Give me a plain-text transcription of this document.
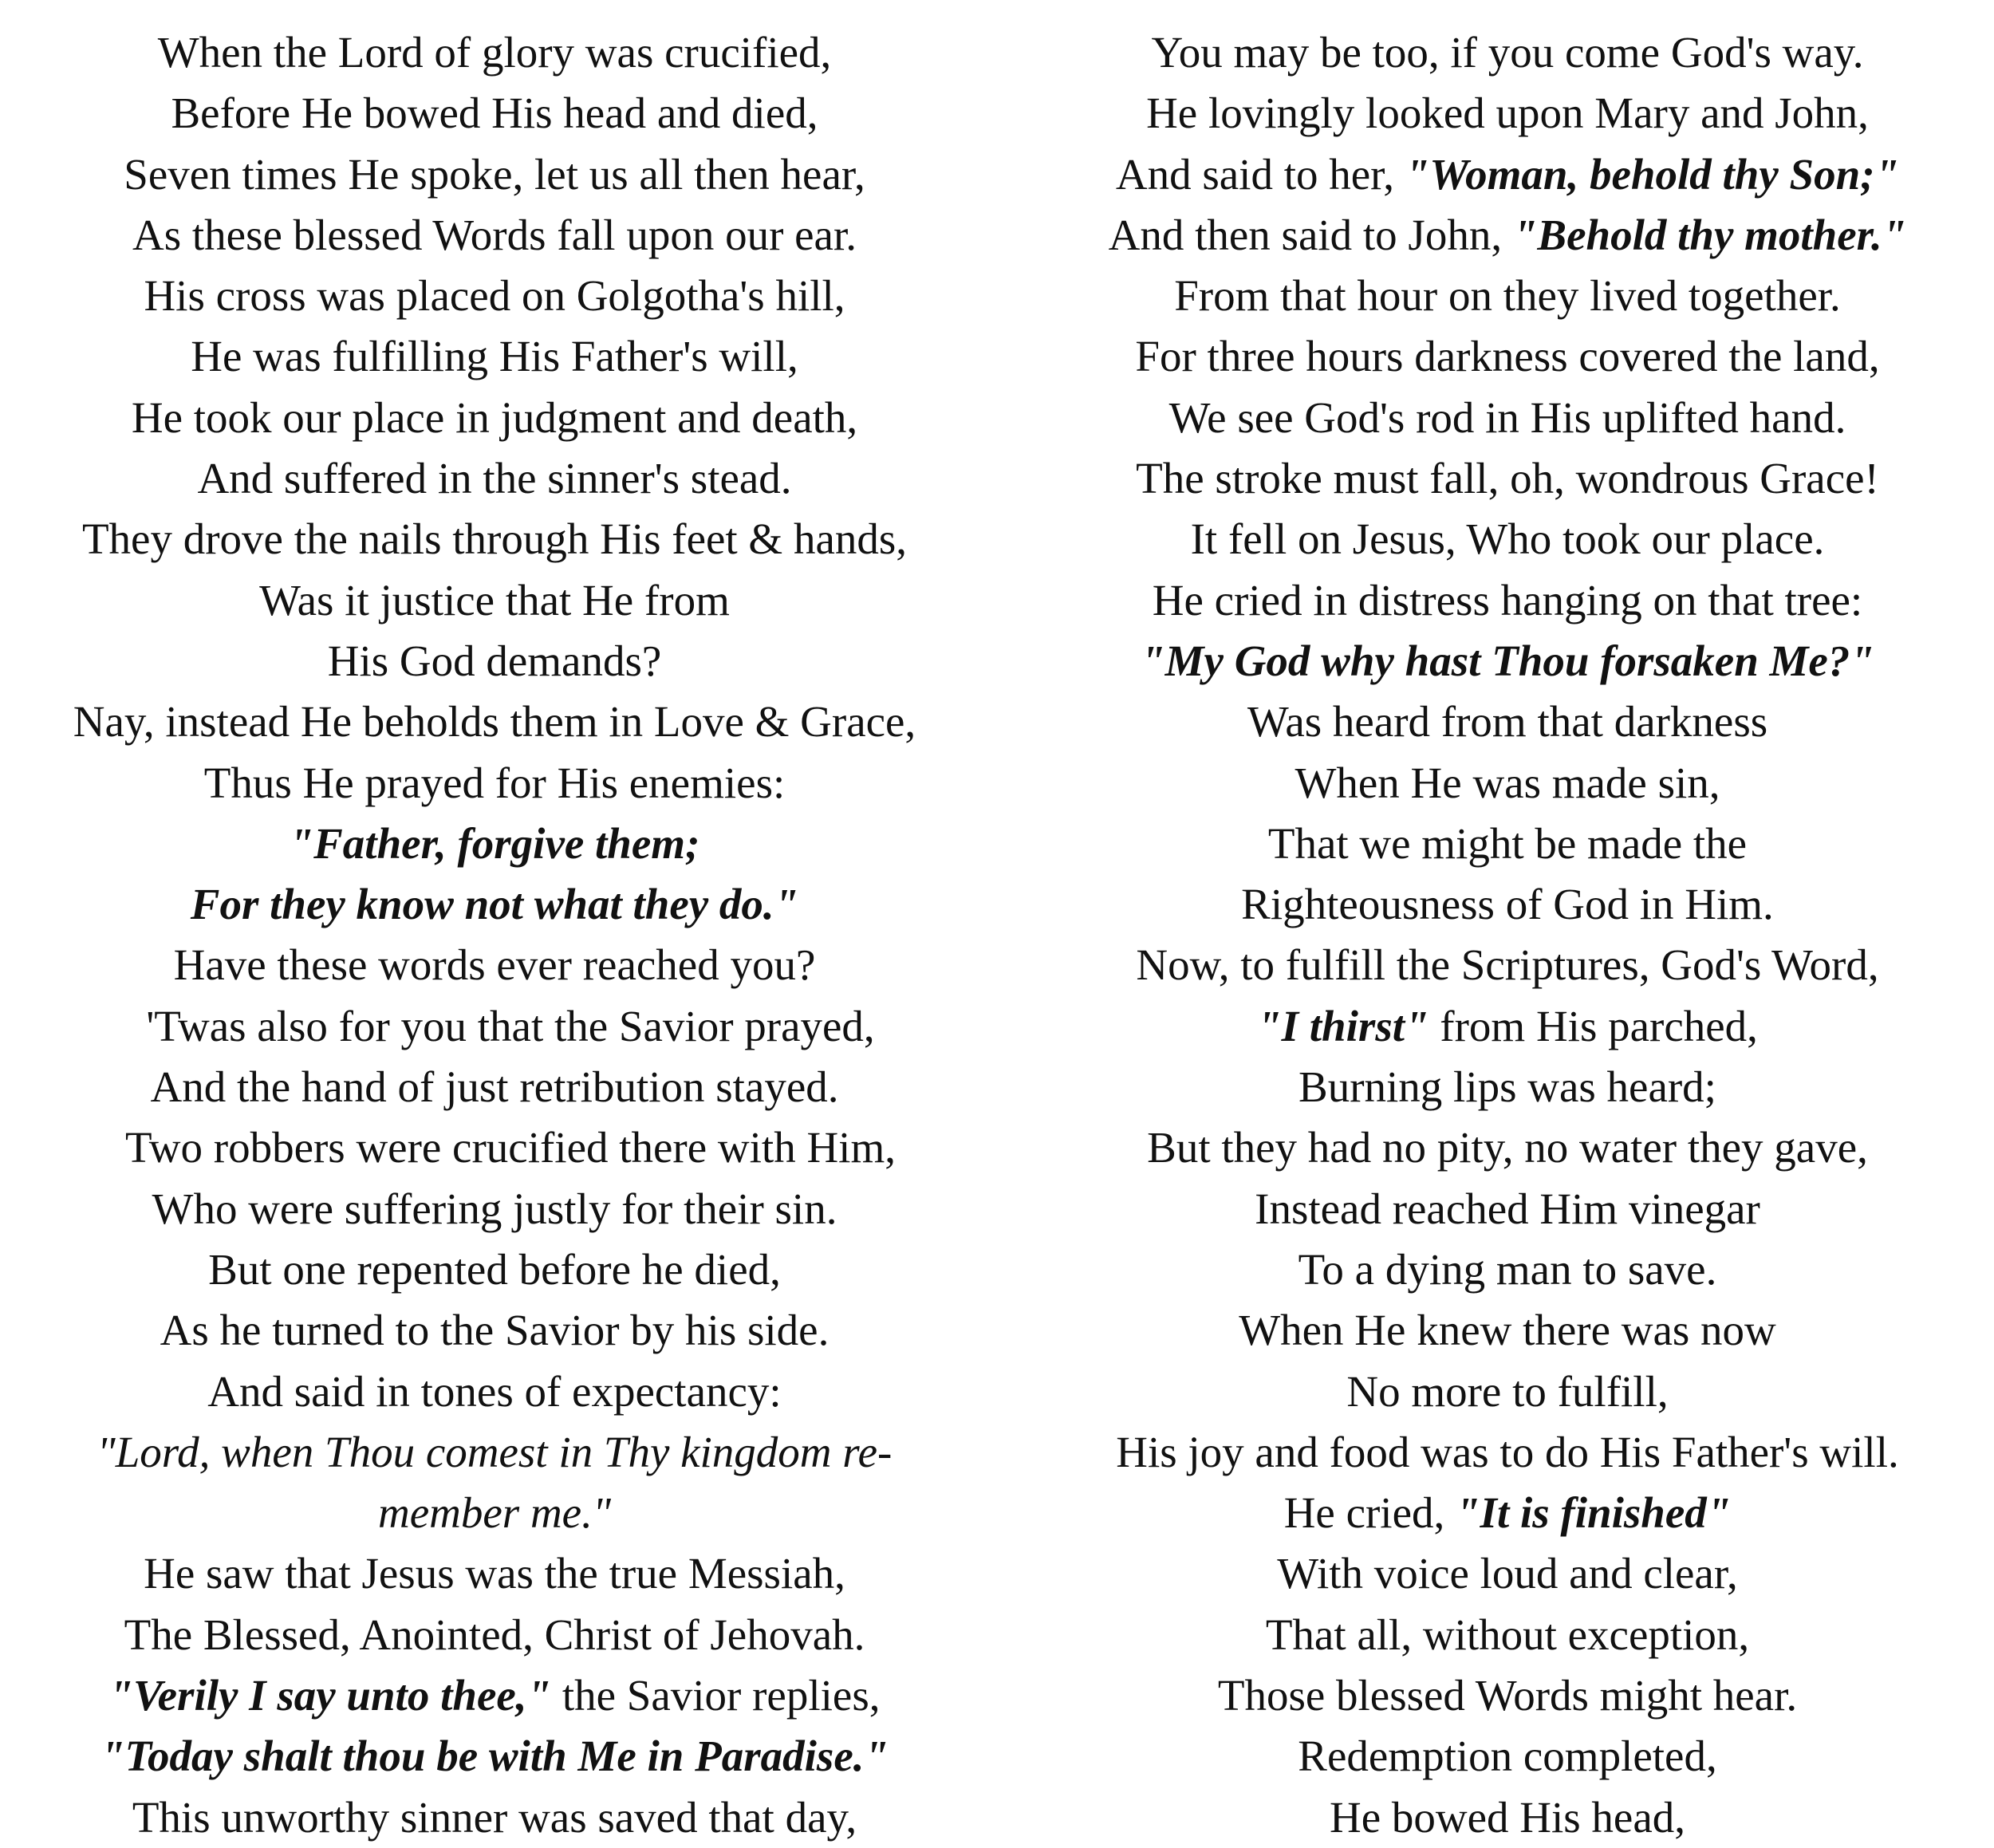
When the Lord of glory was crucified,
Before He bowed His head and died,
Seven times He spoke, let us all then hear,
As these blessed Words fall upon our ear.
His cross was placed on Golgotha's hill,
He was fulfilling His Father's will,
He took our place in judgment and death,
And suffered in the sinner's stead.
They drove the nails through His feet & hands,
Was it justice that He from
His God demands?
Nay, instead He beholds them in Love & Grace,
Thus He prayed for His enemies:
"Father, forgive them;
For they know not what they do."
Have these words ever reached you?
'Twas also for you that the Savior prayed,
And the hand of just retribution stayed.
Two robbers were crucified there with Him,
Who were suffering justly for their sin.
But one repented before he died,
As he turned to the Savior by his side.
And said in tones of expectancy:
"Lord, when Thou comest in Thy kingdom re-
member me."
He saw that Jesus was the true Messiah,
The Blessed, Anointed, Christ of Jehovah.
"Verily I say unto thee," the Savior replies,
"Today shalt thou be with Me in Paradise."
This unworthy sinner was saved that day,
You may be too, if you come God's way.
He lovingly looked upon Mary and John,
And said to her, "Woman, behold thy Son;"
And then said to John, "Behold thy mother."
From that hour on they lived together.
For three hours darkness covered the land,
We see God's rod in His uplifted hand.
The stroke must fall, oh, wondrous Grace!
It fell on Jesus, Who took our place.
He cried in distress hanging on that tree:
"My God why hast Thou forsaken Me?"
Was heard from that darkness
When He was made sin,
That we might be made the
Righteousness of God in Him.
Now, to fulfill the Scriptures, God's Word,
"I thirst" from His parched,
Burning lips was heard;
But they had no pity, no water they gave,
Instead reached Him vinegar
To a dying man to save.
When He knew there was now
No more to fulfill,
His joy and food was to do His Father's will.
He cried, "It is finished"
With voice loud and clear,
That all, without exception,
Those blessed Words might hear.
Redemption completed,
He bowed His head,
